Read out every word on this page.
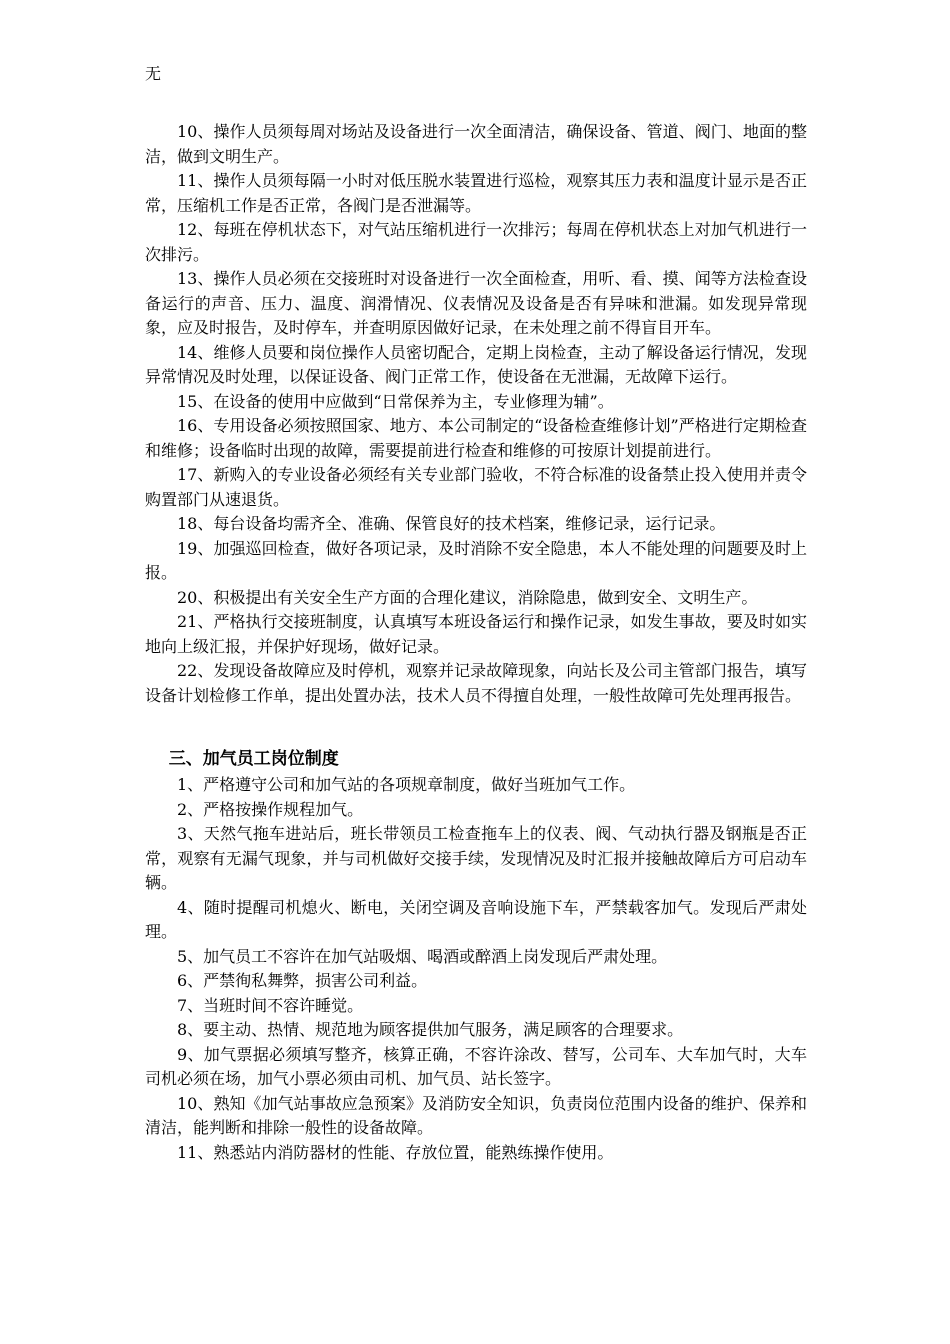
无

10、操作人员须每周对场站及设备进行一次全面清洁，确保设备、管道、阀门、地面的整洁，做到文明生产。

11、操作人员须每隔一小时对低压脱水装置进行巡检，观察其压力表和温度计显示是否正常，压缩机工作是否正常，各阀门是否泄漏等。

12、每班在停机状态下，对气站压缩机进行一次排污；每周在停机状态上对加气机进行一次排污。

13、操作人员必须在交接班时对设备进行一次全面检查，用听、看、摸、闻等方法检查设备运行的声音、压力、温度、润滑情况、仪表情况及设备是否有异味和泄漏。如发现异常现象，应及时报告，及时停车，并查明原因做好记录，在未处理之前不得盲目开车。

14、维修人员要和岗位操作人员密切配合，定期上岗检查，主动了解设备运行情况，发现异常情况及时处理，以保证设备、阀门正常工作，使设备在无泄漏，无故障下运行。

15、在设备的使用中应做到“日常保养为主，专业修理为辅”。

16、专用设备必须按照国家、地方、本公司制定的“设备检查维修计划”严格进行定期检查和维修；设备临时出现的故障，需要提前进行检查和维修的可按原计划提前进行。

17、新购入的专业设备必须经有关专业部门验收，不符合标准的设备禁止投入使用并责令购置部门从速退货。

18、每台设备均需齐全、准确、保管良好的技术档案，维修记录，运行记录。

19、加强巡回检查，做好各项记录，及时消除不安全隐患，本人不能处理的问题要及时上报。

20、积极提出有关安全生产方面的合理化建议，消除隐患，做到安全、文明生产。

21、严格执行交接班制度，认真填写本班设备运行和操作记录，如发生事故，要及时如实地向上级汇报，并保护好现场，做好记录。

22、发现设备故障应及时停机，观察并记录故障现象，向站长及公司主管部门报告，填写设备计划检修工作单，提出处置办法，技术人员不得擅自处理，一般性故障可先处理再报告。

三、加气员工岗位制度

1、严格遵守公司和加气站的各项规章制度，做好当班加气工作。

2、严格按操作规程加气。

3、天然气拖车进站后，班长带领员工检查拖车上的仪表、阀、气动执行器及钢瓶是否正常，观察有无漏气现象，并与司机做好交接手续，发现情况及时汇报并接触故障后方可启动车辆。

4、随时提醒司机熄火、断电，关闭空调及音响设施下车，严禁载客加气。发现后严肃处理。

5、加气员工不容许在加气站吸烟、喝酒或醉酒上岗发现后严肃处理。

6、严禁徇私舞弊，损害公司利益。

7、当班时间不容许睡觉。

8、要主动、热情、规范地为顾客提供加气服务，满足顾客的合理要求。

9、加气票据必须填写整齐，核算正确，不容许涂改、替写，公司车、大车加气时，大车司机必须在场，加气小票必须由司机、加气员、站长签字。

10、熟知《加气站事故应急预案》及消防安全知识，负责岗位范围内设备的维护、保养和清洁，能判断和排除一般性的设备故障。

11、熟悉站内消防器材的性能、存放位置，能熟练操作使用。
